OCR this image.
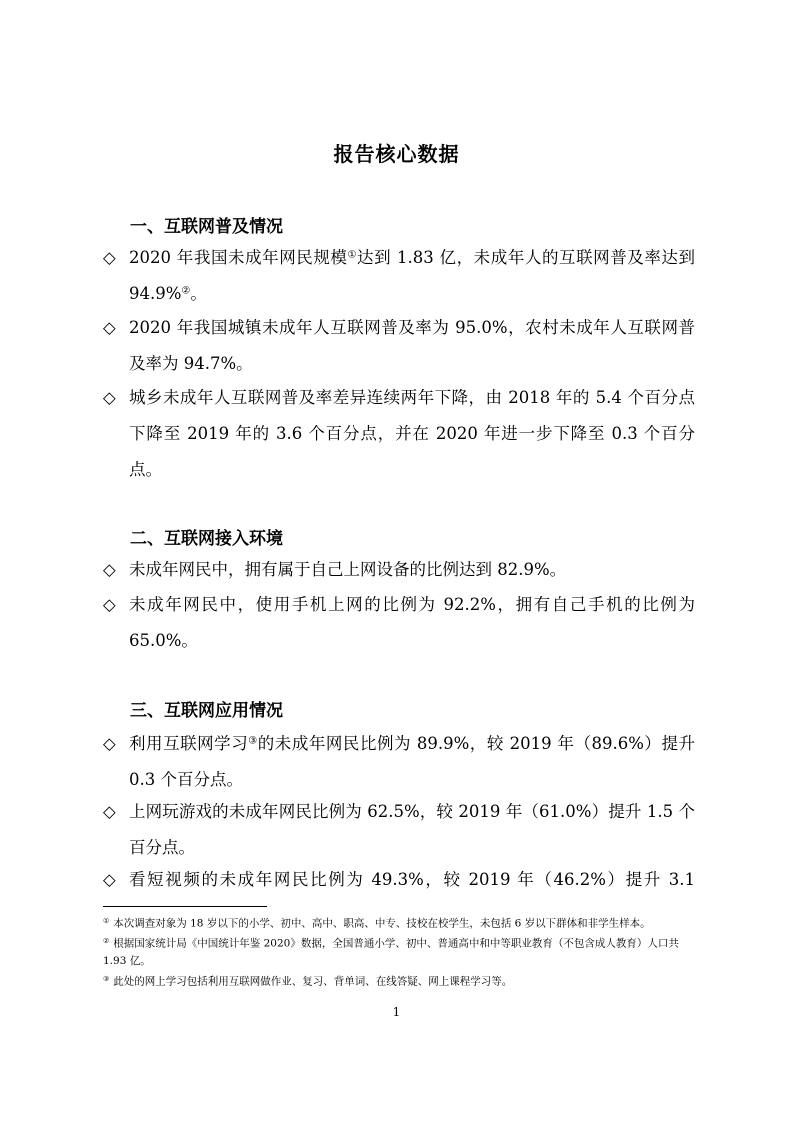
报告核心数据
一、互联网普及情况
◇ 2020 年我国未成年网民规模①达到 1.83 亿，未成年人的互联网普及率达到 94.9%②。
◇ 2020 年我国城镇未成年人互联网普及率为 95.0%，农村未成年人互联网普及率为 94.7%。
◇ 城乡未成年人互联网普及率差异连续两年下降，由 2018 年的 5.4 个百分点下降至 2019 年的 3.6 个百分点，并在 2020 年进一步下降至 0.3 个百分点。
二、互联网接入环境
◇ 未成年网民中，拥有属于自己上网设备的比例达到 82.9%。
◇ 未成年网民中，使用手机上网的比例为 92.2%，拥有自己手机的比例为 65.0%。
三、互联网应用情况
◇ 利用互联网学习③的未成年网民比例为 89.9%，较 2019 年（89.6%）提升 0.3 个百分点。
◇ 上网玩游戏的未成年网民比例为 62.5%，较 2019 年（61.0%）提升 1.5 个百分点。
◇ 看短视频的未成年网民比例为 49.3%，较 2019 年（46.2%）提升 3.1
① 本次调查对象为 18 岁以下的小学、初中、高中、职高、中专、技校在校学生，未包括 6 岁以下群体和非学生样本。
② 根据国家统计局《中国统计年鉴 2020》数据，全国普通小学、初中、普通高中和中等职业教育（不包含成人教育）人口共 1.93 亿。
③ 此处的网上学习包括利用互联网做作业、复习、背单词、在线答疑、网上课程学习等。
1
